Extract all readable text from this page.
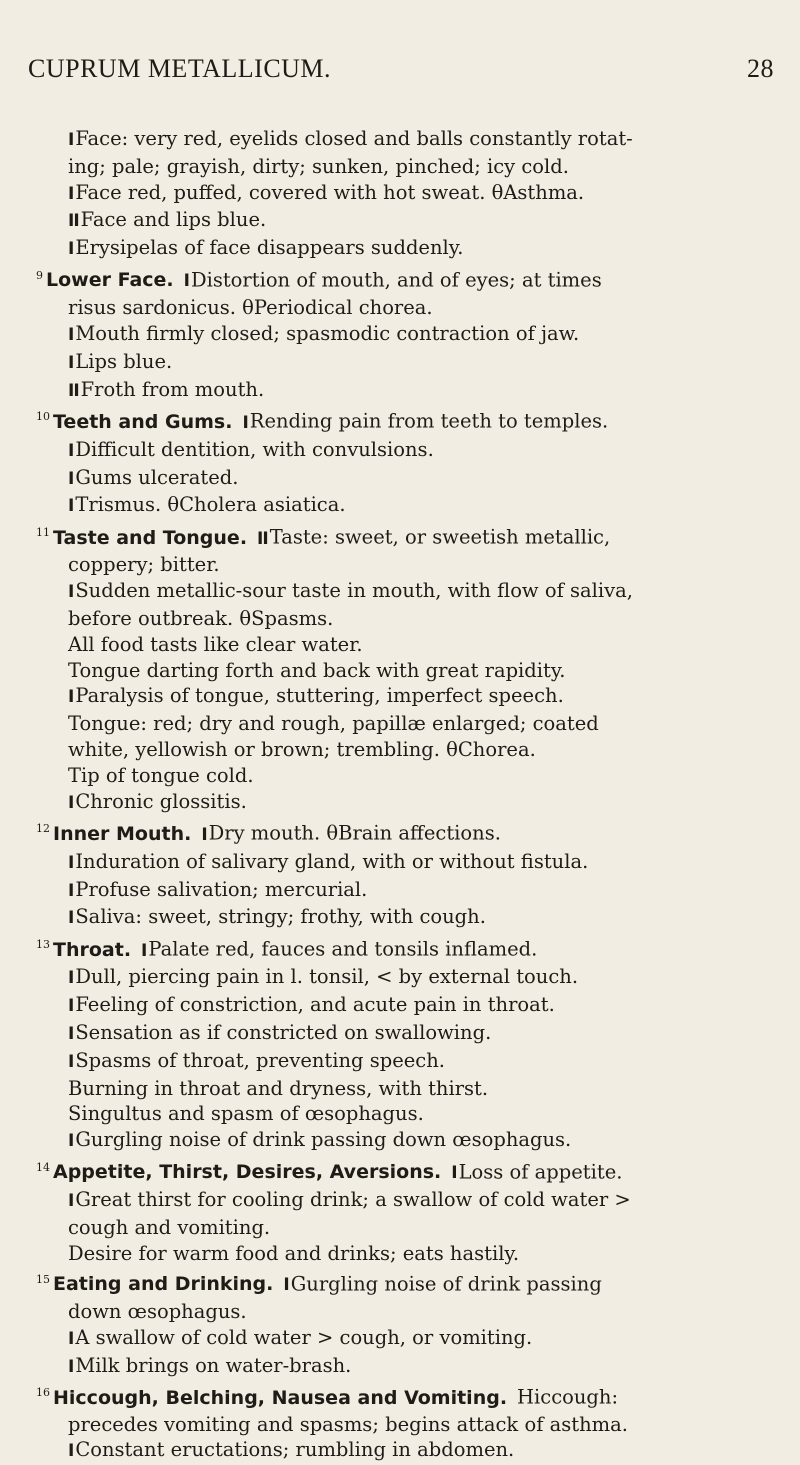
CUPRUM METALLICUM.	28

I Face: very red, eyelids closed and balls constantly rotat-

ing; pale; grayish, dirty; sunken, pinched; icy cold.

I Face red, puffed, covered with hot sweat. θAsthma.

II Face and lips blue.

I Erysipelas of face disappears suddenly.

$^9$ Lower Face. I Distortion of mouth, and of eyes; at times

risus sardonicus. θPeriodical chorea.

I Mouth firmly closed; spasmodic contraction of jaw.

I Lips blue.

II Froth from mouth.

$^{10}$ Teeth and Gums. I Rending pain from teeth to temples.

I Difficult dentition, with convulsions.

I Gums ulcerated.

I Trismus. θCholera asiatica.

$^{11}$ Taste and Tongue. II Taste: sweet, or sweetish metallic,

coppery; bitter.

I Sudden metallic-sour taste in mouth, with flow of saliva,

before outbreak. θSpasms.

All food tasts like clear water.

Tongue darting forth and back with great rapidity.

I Paralysis of tongue, stuttering, imperfect speech.

Tongue: red; dry and rough, papillæ enlarged; coated

white, yellowish or brown; trembling. θChorea.

Tip of tongue cold.

I Chronic glossitis.

$^{12}$ Inner Mouth. I Dry mouth. θBrain affections.

I Induration of salivary gland, with or without fistula.

I Profuse salivation; mercurial.

I Saliva: sweet, stringy; frothy, with cough.

$^{13}$ Throat. I Palate red, fauces and tonsils inflamed.

I Dull, piercing pain in l. tonsil, < by external touch.

I Feeling of constriction, and acute pain in throat.

I Sensation as if constricted on swallowing.

I Spasms of throat, preventing speech.

Burning in throat and dryness, with thirst.

Singultus and spasm of œsophagus.

I Gurgling noise of drink passing down œsophagus.

$^{14}$ Appetite, Thirst, Desires, Aversions. I Loss of appetite.

I Great thirst for cooling drink; a swallow of cold water >

cough and vomiting.

Desire for warm food and drinks; eats hastily.

$^{15}$ Eating and Drinking. I Gurgling noise of drink passing

down œsophagus.

I A swallow of cold water > cough, or vomiting.

I Milk brings on water-brash.

$^{16}$ Hiccough, Belching, Nausea and Vomiting. Hiccough:

precedes vomiting and spasms; begins attack of asthma.

I Constant eructations; rumbling in abdomen.
